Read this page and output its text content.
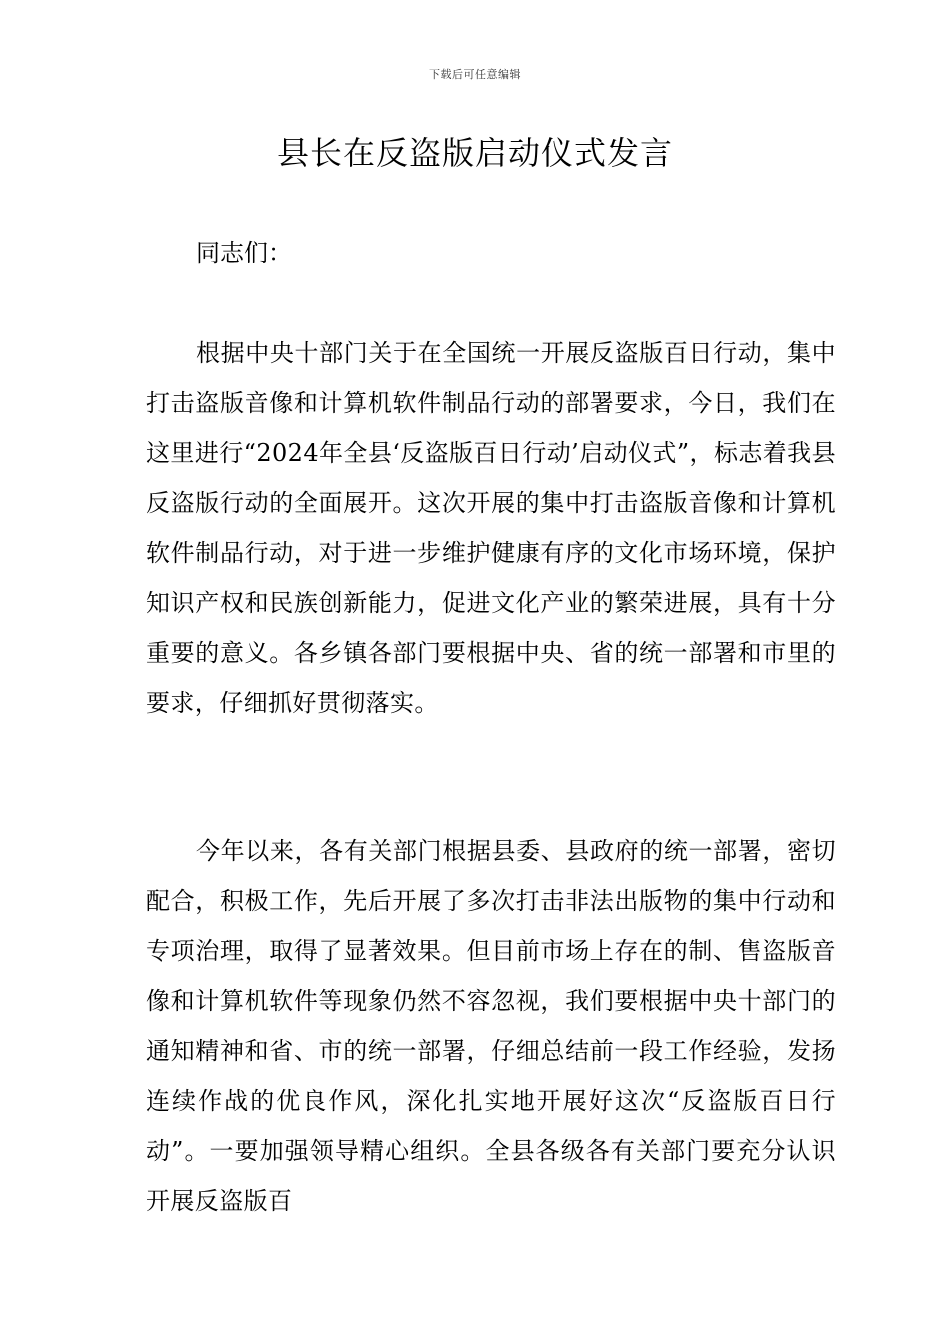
下载后可任意编辑
县长在反盗版启动仪式发言
同志们：

根据中央十部门关于在全国统一开展反盗版百日行动，集中打击盗版音像和计算机软件制品行动的部署要求，今日，我们在这里进行“2024年全县‘反盗版百日行动’启动仪式”，标志着我县反盗版行动的全面展开。这次开展的集中打击盗版音像和计算机软件制品行动，对于进一步维护健康有序的文化市场环境，保护知识产权和民族创新能力，促进文化产业的繁荣进展，具有十分重要的意义。各乡镇各部门要根据中央、省的统一部署和市里的要求，仔细抓好贯彻落实。

今年以来，各有关部门根据县委、县政府的统一部署，密切配合，积极工作，先后开展了多次打击非法出版物的集中行动和专项治理，取得了显著效果。但目前市场上存在的制、售盗版音像和计算机软件等现象仍然不容忽视，我们要根据中央十部门的通知精神和省、市的统一部署，仔细总结前一段工作经验，发扬连续作战的优良作风，深化扎实地开展好这次“反盗版百日行动”。一要加强领导精心组织。全县各级各有关部门要充分认识开展反盗版百
